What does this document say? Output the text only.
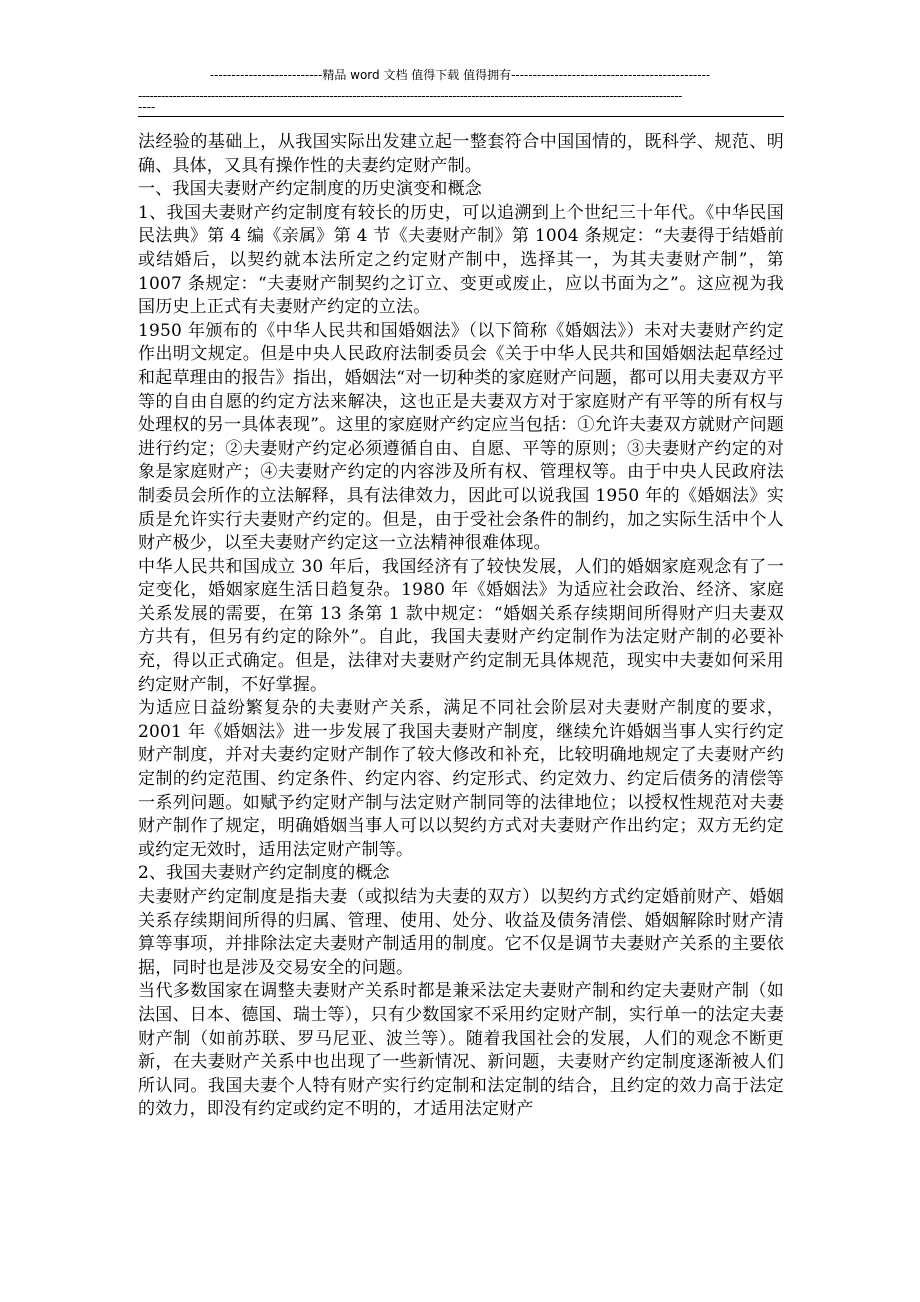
--------------------------精品 word 文档 值得下载 值得拥有----------------------------------------------
----------------------------------------------------------------------------------------------------------------------------------------------
----

法经验的基础上，从我国实际出发建立起一整套符合中国国情的，既科学、规范、明确、具体，又具有操作性的夫妻约定财产制。

一、我国夫妻财产约定制度的历史演变和概念

1、我国夫妻财产约定制度有较长的历史，可以追溯到上个世纪三十年代。《中华民国民法典》第 4 编《亲属》第 4 节《夫妻财产制》第 1004 条规定：“夫妻得于结婚前或结婚后，以契约就本法所定之约定财产制中，选择其一，为其夫妻财产制”，第 1007 条规定：“夫妻财产制契约之订立、变更或废止，应以书面为之”。这应视为我国历史上正式有夫妻财产约定的立法。

1950 年颁布的《中华人民共和国婚姻法》（以下简称《婚姻法》）未对夫妻财产约定作出明文规定。但是中央人民政府法制委员会《关于中华人民共和国婚姻法起草经过和起草理由的报告》指出，婚姻法“对一切种类的家庭财产问题，都可以用夫妻双方平等的自由自愿的约定方法来解决，这也正是夫妻双方对于家庭财产有平等的所有权与处理权的另一具体表现”。这里的家庭财产约定应当包括：①允许夫妻双方就财产问题进行约定；②夫妻财产约定必须遵循自由、自愿、平等的原则；③夫妻财产约定的对象是家庭财产；④夫妻财产约定的内容涉及所有权、管理权等。由于中央人民政府法制委员会所作的立法解释，具有法律效力，因此可以说我国 1950 年的《婚姻法》实质是允许实行夫妻财产约定的。但是，由于受社会条件的制约，加之实际生活中个人财产极少，以至夫妻财产约定这一立法精神很难体现。

中华人民共和国成立 30 年后，我国经济有了较快发展，人们的婚姻家庭观念有了一定变化，婚姻家庭生活日趋复杂。1980 年《婚姻法》为适应社会政治、经济、家庭关系发展的需要，在第 13 条第 1 款中规定：“婚姻关系存续期间所得财产归夫妻双方共有，但另有约定的除外”。自此，我国夫妻财产约定制作为法定财产制的必要补充，得以正式确定。但是，法律对夫妻财产约定制无具体规范，现实中夫妻如何采用约定财产制，不好掌握。

为适应日益纷繁复杂的夫妻财产关系，满足不同社会阶层对夫妻财产制度的要求，2001 年《婚姻法》进一步发展了我国夫妻财产制度，继续允许婚姻当事人实行约定财产制度，并对夫妻约定财产制作了较大修改和补充，比较明确地规定了夫妻财产约定制的约定范围、约定条件、约定内容、约定形式、约定效力、约定后债务的清偿等一系列问题。如赋予约定财产制与法定财产制同等的法律地位；以授权性规范对夫妻财产制作了规定，明确婚姻当事人可以以契约方式对夫妻财产作出约定；双方无约定或约定无效时，适用法定财产制等。

2、我国夫妻财产约定制度的概念

夫妻财产约定制度是指夫妻（或拟结为夫妻的双方）以契约方式约定婚前财产、婚姻关系存续期间所得的归属、管理、使用、处分、收益及债务清偿、婚姻解除时财产清算等事项，并排除法定夫妻财产制适用的制度。它不仅是调节夫妻财产关系的主要依据，同时也是涉及交易安全的问题。

当代多数国家在调整夫妻财产关系时都是兼采法定夫妻财产制和约定夫妻财产制（如法国、日本、德国、瑞士等），只有少数国家不采用约定财产制，实行单一的法定夫妻财产制（如前苏联、罗马尼亚、波兰等）。随着我国社会的发展，人们的观念不断更新，在夫妻财产关系中也出现了一些新情况、新问题，夫妻财产约定制度逐渐被人们所认同。我国夫妻个人特有财产实行约定制和法定制的结合，且约定的效力高于法定的效力，即没有约定或约定不明的，才适用法定财产
